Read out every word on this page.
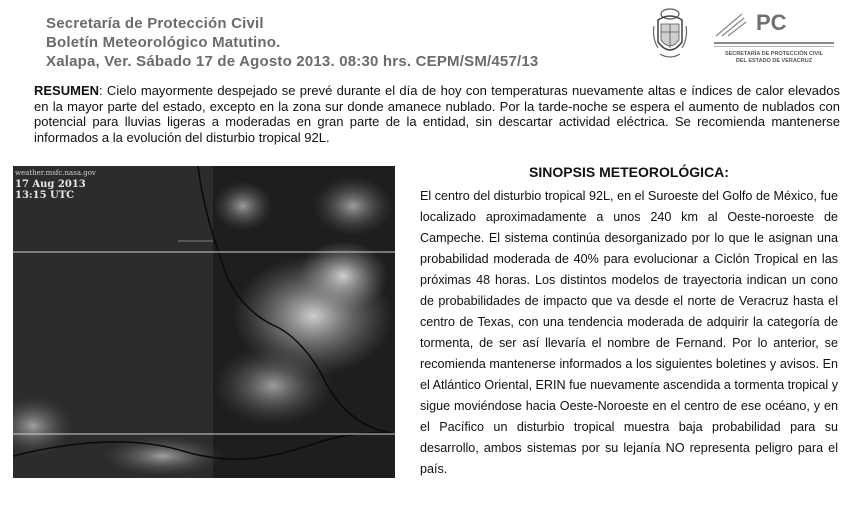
Secretaría de Protección Civil
Boletín Meteorológico Matutino.
Xalapa, Ver. Sábado 17 de Agosto 2013. 08:30 hrs. CEPM/SM/457/13
PC
SECRETARÍA DE PROTECCIÓN CIVIL
DEL ESTADO DE VERACRUZ
RESUMEN: Cielo mayormente despejado se prevé durante el día de hoy con temperaturas nuevamente altas e índices de calor elevados en la mayor parte del estado, excepto en la zona sur donde amanece nublado. Por la tarde-noche se espera el aumento de nublados con potencial para lluvias ligeras a moderadas en gran parte de la entidad, sin descartar actividad eléctrica. Se recomienda mantenerse informados a la evolución del disturbio tropical 92L.
weather.msfc.nasa.gov
17 Aug 2013
13:15 UTC
SINOPSIS METEOROLÓGICA:
El centro del disturbio tropical 92L, en el Suroeste del Golfo de México, fue localizado aproximadamente a unos 240 km al Oeste-noroeste de Campeche. El sistema continúa desorganizado por lo que le asignan una probabilidad moderada de 40% para evolucionar a Ciclón Tropical en las próximas 48 horas. Los distintos modelos de trayectoria indican un cono de probabilidades de impacto que va desde el norte de Veracruz hasta el centro de Texas, con una tendencia moderada de adquirir la categoría de tormenta, de ser así llevaría el nombre de Fernand. Por lo anterior, se recomienda mantenerse informados a los siguientes boletines y avisos. En el Atlántico Oriental, ERIN fue nuevamente ascendida a tormenta tropical y sigue moviéndose hacia Oeste-Noroeste en el centro de ese océano, y en el Pacífico un disturbio tropical muestra baja probabilidad para su desarrollo, ambos sistemas por su lejanía NO representa peligro para el país.
